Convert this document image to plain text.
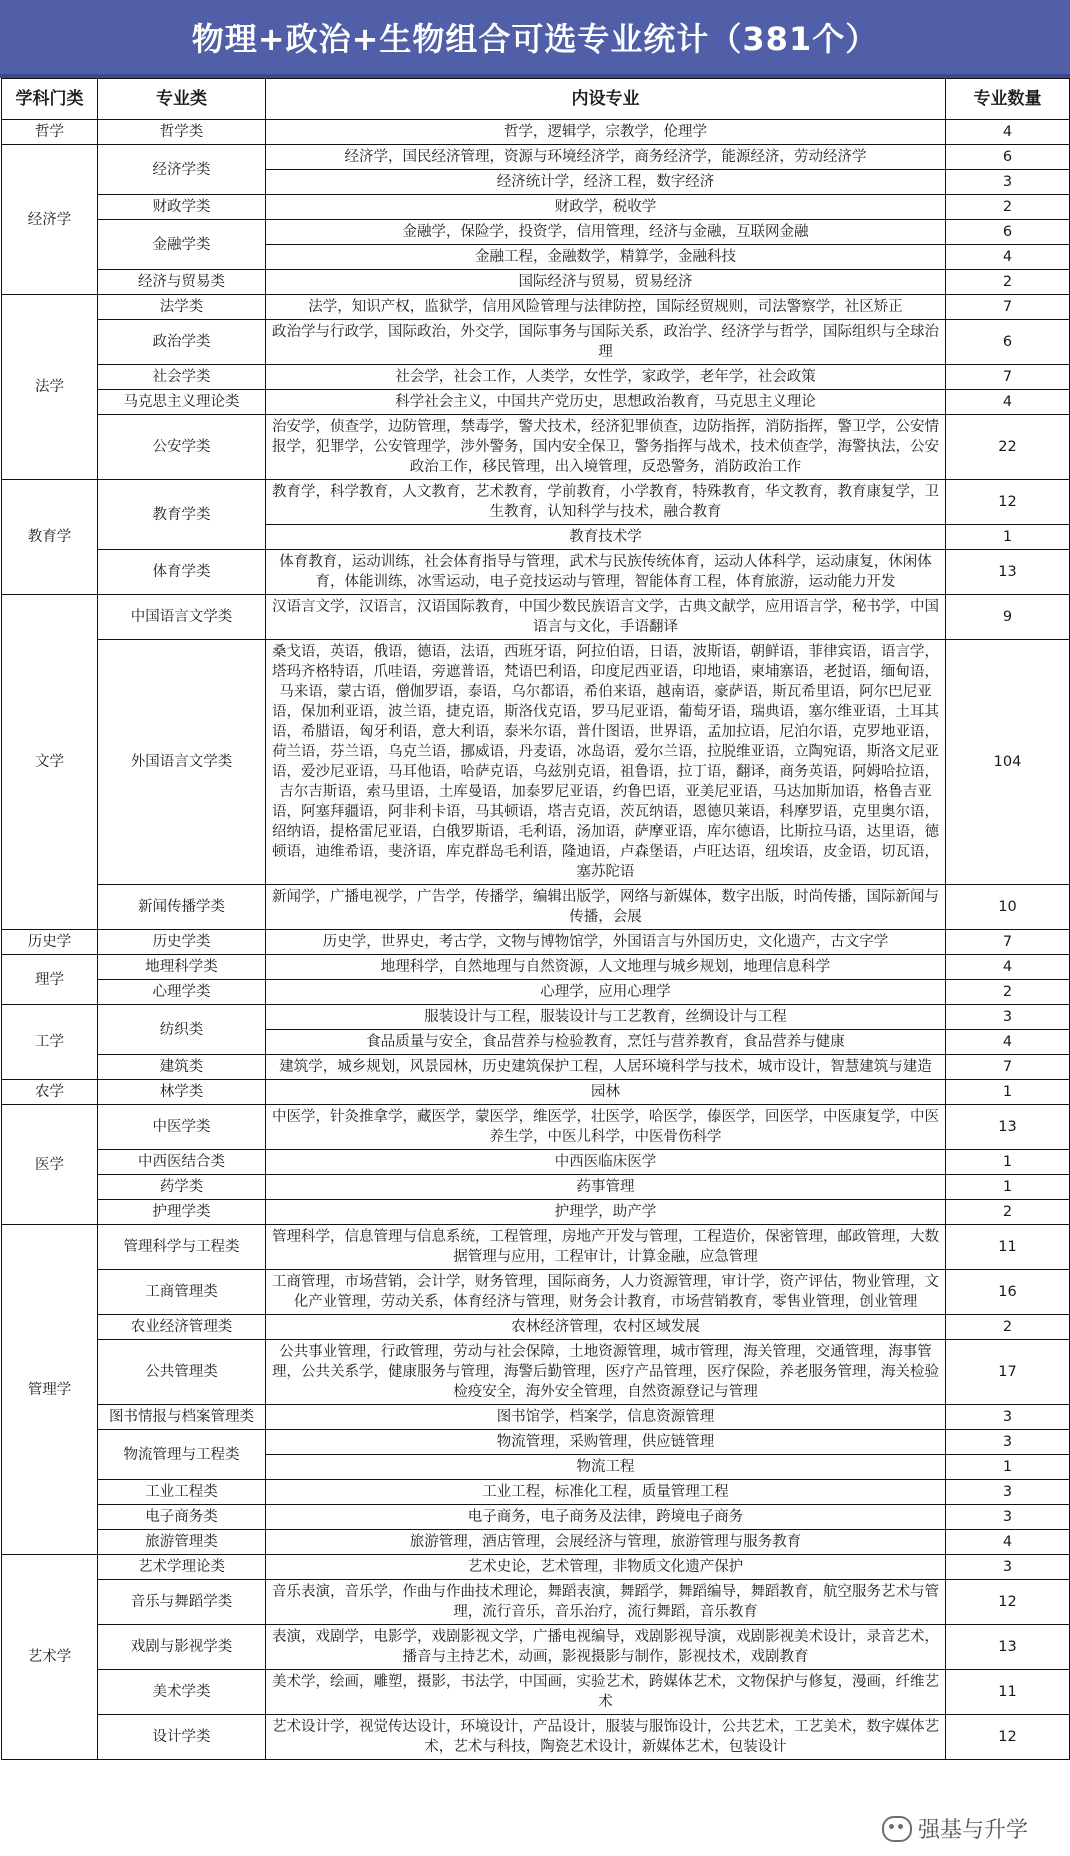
物理+政治+生物组合可选专业统计（381个）
学科门类	专业类	内设专业	专业数量
哲学	哲学类	哲学，逻辑学，宗教学，伦理学	4
经济学	经济学类	经济学，国民经济管理，资源与环境经济学，商务经济学，能源经济，劳动经济学	6
		经济统计学，经济工程，数字经济	3
	财政学类	财政学，税收学	2
	金融学类	金融学，保险学，投资学，信用管理，经济与金融，互联网金融	6
		金融工程，金融数学，精算学，金融科技	4
	经济与贸易类	国际经济与贸易，贸易经济	2
法学	法学类	法学，知识产权，监狱学，信用风险管理与法律防控，国际经贸规则，司法警察学，社区矫正	7
	政治学类	政治学与行政学，国际政治，外交学，国际事务与国际关系，政治学、经济学与哲学，国际组织与全球治理	6
	社会学类	社会学，社会工作，人类学，女性学，家政学，老年学，社会政策	7
	马克思主义理论类	科学社会主义，中国共产党历史，思想政治教育，马克思主义理论	4
	公安学类	治安学，侦查学，边防管理，禁毒学，警犬技术，经济犯罪侦查，边防指挥，消防指挥，警卫学，公安情报学，犯罪学，公安管理学，涉外警务，国内安全保卫，警务指挥与战术，技术侦查学，海警执法，公安政治工作，移民管理，出入境管理，反恐警务，消防政治工作	22
教育学	教育学类	教育学，科学教育，人文教育，艺术教育，学前教育，小学教育，特殊教育，华文教育，教育康复学，卫生教育，认知科学与技术，融合教育	12
		教育技术学	1
	体育学类	体育教育，运动训练，社会体育指导与管理，武术与民族传统体育，运动人体科学，运动康复，休闲体育，体能训练，冰雪运动，电子竞技运动与管理，智能体育工程，体育旅游，运动能力开发	13
文学	中国语言文学类	汉语言文学，汉语言，汉语国际教育，中国少数民族语言文学，古典文献学，应用语言学，秘书学，中国语言与文化，手语翻译	9
	外国语言文学类	桑戈语，英语，俄语，德语，法语，西班牙语，阿拉伯语，日语，波斯语，朝鲜语，菲律宾语，语言学，塔玛齐格特语，爪哇语，旁遮普语，梵语巴利语，印度尼西亚语，印地语，柬埔寨语，老挝语，缅甸语，马来语，蒙古语，僧伽罗语，泰语，乌尔都语，希伯来语，越南语，豪萨语，斯瓦希里语，阿尔巴尼亚语，保加利亚语，波兰语，捷克语，斯洛伐克语，罗马尼亚语，葡萄牙语，瑞典语，塞尔维亚语，土耳其语，希腊语，匈牙利语，意大利语，泰米尔语，普什图语，世界语，孟加拉语，尼泊尔语，克罗地亚语，荷兰语，芬兰语，乌克兰语，挪威语，丹麦语，冰岛语，爱尔兰语，拉脱维亚语，立陶宛语，斯洛文尼亚语，爱沙尼亚语，马耳他语，哈萨克语，乌兹别克语，祖鲁语，拉丁语，翻译，商务英语，阿姆哈拉语，吉尔吉斯语，索马里语，土库曼语，加泰罗尼亚语，约鲁巴语，亚美尼亚语，马达加斯加语，格鲁吉亚语，阿塞拜疆语，阿非利卡语，马其顿语，塔吉克语，茨瓦纳语，恩德贝莱语，科摩罗语，克里奥尔语，绍纳语，提格雷尼亚语，白俄罗斯语，毛利语，汤加语，萨摩亚语，库尔德语，比斯拉马语，达里语，德顿语，迪维希语，斐济语，库克群岛毛利语，隆迪语，卢森堡语，卢旺达语，纽埃语，皮金语，切瓦语，塞苏陀语	104
	新闻传播学类	新闻学，广播电视学，广告学，传播学，编辑出版学，网络与新媒体，数字出版，时尚传播，国际新闻与传播，会展	10
历史学	历史学类	历史学，世界史，考古学，文物与博物馆学，外国语言与外国历史，文化遗产，古文字学	7
理学	地理科学类	地理科学，自然地理与自然资源，人文地理与城乡规划，地理信息科学	4
	心理学类	心理学，应用心理学	2
工学	纺织类	服装设计与工程，服装设计与工艺教育，丝绸设计与工程	3
		食品质量与安全，食品营养与检验教育，烹饪与营养教育，食品营养与健康	4
	建筑类	建筑学，城乡规划，风景园林，历史建筑保护工程，人居环境科学与技术，城市设计，智慧建筑与建造	7
农学	林学类	园林	1
医学	中医学类	中医学，针灸推拿学，藏医学，蒙医学，维医学，壮医学，哈医学，傣医学，回医学，中医康复学，中医养生学，中医儿科学，中医骨伤科学	13
	中西医结合类	中西医临床医学	1
	药学类	药事管理	1
	护理学类	护理学，助产学	2
管理学	管理科学与工程类	管理科学，信息管理与信息系统，工程管理，房地产开发与管理，工程造价，保密管理，邮政管理，大数据管理与应用，工程审计，计算金融，应急管理	11
	工商管理类	工商管理，市场营销，会计学，财务管理，国际商务，人力资源管理，审计学，资产评估，物业管理，文化产业管理，劳动关系，体育经济与管理，财务会计教育，市场营销教育，零售业管理，创业管理	16
	农业经济管理类	农林经济管理，农村区域发展	2
	公共管理类	公共事业管理，行政管理，劳动与社会保障，土地资源管理，城市管理，海关管理，交通管理，海事管理，公共关系学，健康服务与管理，海警后勤管理，医疗产品管理，医疗保险，养老服务管理，海关检验检疫安全，海外安全管理，自然资源登记与管理	17
	图书情报与档案管理类	图书馆学，档案学，信息资源管理	3
	物流管理与工程类	物流管理，采购管理，供应链管理	3
		物流工程	1
	工业工程类	工业工程，标准化工程，质量管理工程	3
	电子商务类	电子商务，电子商务及法律，跨境电子商务	3
	旅游管理类	旅游管理，酒店管理，会展经济与管理，旅游管理与服务教育	4
艺术学	艺术学理论类	艺术史论，艺术管理，非物质文化遗产保护	3
	音乐与舞蹈学类	音乐表演，音乐学，作曲与作曲技术理论，舞蹈表演，舞蹈学，舞蹈编导，舞蹈教育，航空服务艺术与管理，流行音乐，音乐治疗，流行舞蹈，音乐教育	12
	戏剧与影视学类	表演，戏剧学，电影学，戏剧影视文学，广播电视编导，戏剧影视导演，戏剧影视美术设计，录音艺术，播音与主持艺术，动画，影视摄影与制作，影视技术，戏剧教育	13
	美术学类	美术学，绘画，雕塑，摄影，书法学，中国画，实验艺术，跨媒体艺术，文物保护与修复，漫画，纤维艺术	11
	设计学类	艺术设计学，视觉传达设计，环境设计，产品设计，服装与服饰设计，公共艺术，工艺美术，数字媒体艺术，艺术与科技，陶瓷艺术设计，新媒体艺术，包装设计	12
强基与升学
